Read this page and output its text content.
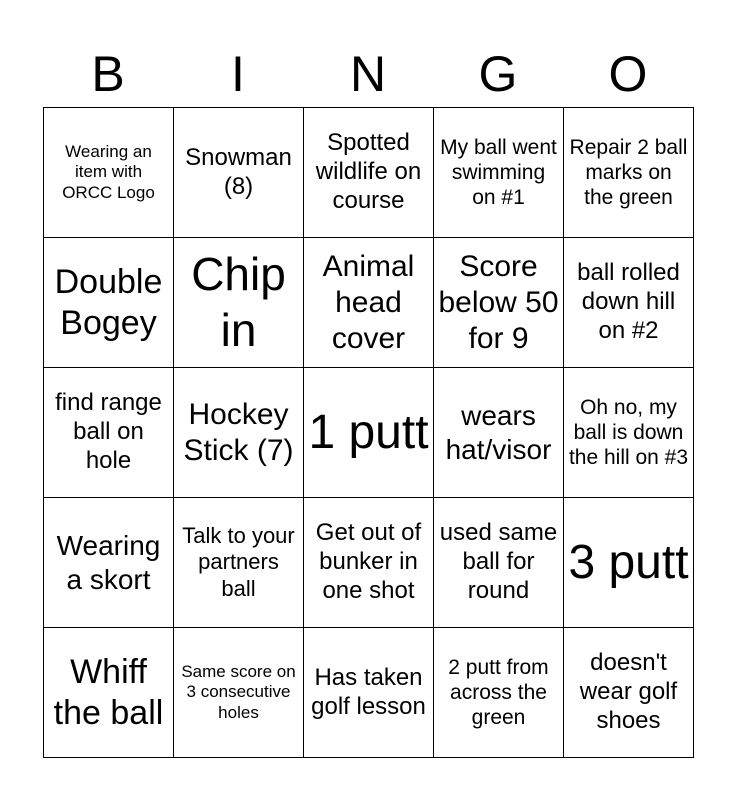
B	I	N	G	O
Wearing an item with ORCC Logo	Snowman (8)	Spotted wildlife on course	My ball went swimming on #1	Repair 2 ball marks on the green
Double Bogey	Chip in	Animal head cover	Score below 50 for 9	ball rolled down hill on #2
find range ball on hole	Hockey Stick (7)	1 putt	wears hat/visor	Oh no, my ball is down the hill on #3
Wearing a skort	Talk to your partners ball	Get out of bunker in one shot	used same ball for round	3 putt
Whiff the ball	Same score on 3 consecutive holes	Has taken golf lesson	2 putt from across the green	doesn't wear golf shoes
